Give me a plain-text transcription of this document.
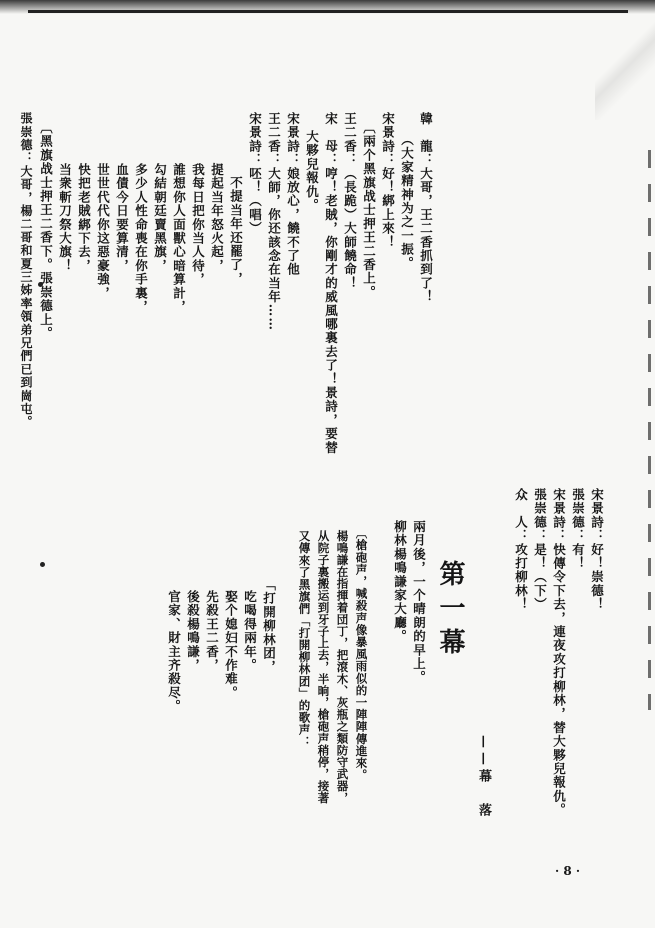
韓　龍：大哥，王二香抓到了！
（大家精神为之一振。
宋景詩：好！綁上來！
〔兩个黑旗战士押王二香上。
王二香：（長跪）大師饒命！
宋　母：哼！老賊，你剛才的威風哪裏去了！景詩，要替
大夥兒報仇。
宋景詩：娘放心，饒不了他
王二香：大師，你还該念在当年……
宋景詩：呸！（唱）
不提当年还罷了，
提起当年怒火起，
我每日把你当人待，
誰想你人面獸心暗算計，
勾結朝廷賣黑旗，
多少人性命喪在你手裏，
血債今日要算清，
世世代代你这惡豪強，
快把老賊綁下去，
当衆斬刀祭大旗！
〔黑旗战士押王二香下。張崇德上。
張崇德：大哥，楊二哥和夏三姊率領弟兄們已到崗屯。
宋景詩：好！崇德！
張崇德：有！
宋景詩：快傳令下去，連夜攻打柳林，替大夥兒報仇。
張崇德：是！（下）
众　人：攻打柳林！
——幕　落
第一幕
兩月後，一个晴朗的早上。
柳林楊鳴謙家大廳。
〔槍砲声，喊殺声像暴風雨似的一陣陣傳進來。
楊鳴謙在指揮着団丁，把滾木、灰瓶之類防守武器，
从院子裏搬运到牙子上去，半晌，槍砲声稍停，接著
又傳來了黑旗們「打開柳林团」的歌声：
「打開柳林团，
吃喝得兩年。
娶个媳妇不作难。
先殺王二香，
後殺楊鳴謙，
官家、財主齐殺尽。
· 8 ·
